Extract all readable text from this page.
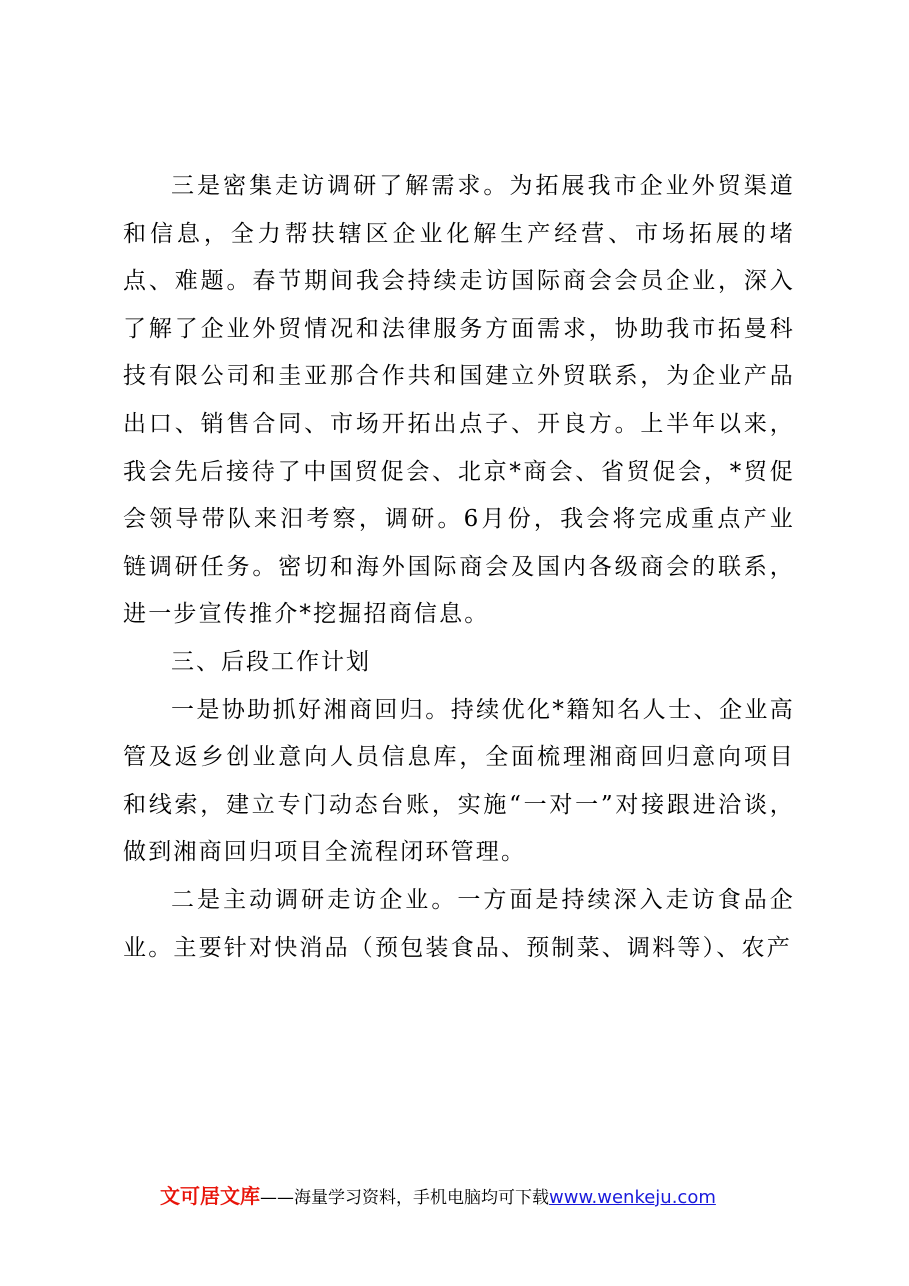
三是密集走访调研了解需求。为拓展我市企业外贸渠道和信息，全力帮扶辖区企业化解生产经营、市场拓展的堵点、难题。春节期间我会持续走访国际商会会员企业，深入了解了企业外贸情况和法律服务方面需求，协助我市拓曼科技有限公司和圭亚那合作共和国建立外贸联系，为企业产品出口、销售合同、市场开拓出点子、开良方。上半年以来，我会先后接待了中国贸促会、北京*商会、省贸促会，*贸促会领导带队来汨考察，调研。6月份，我会将完成重点产业链调研任务。密切和海外国际商会及国内各级商会的联系，进一步宣传推介*挖掘招商信息。

三、后段工作计划

一是协助抓好湘商回归。持续优化*籍知名人士、企业高管及返乡创业意向人员信息库，全面梳理湘商回归意向项目和线索，建立专门动态台账，实施“一对一”对接跟进洽谈，做到湘商回归项目全流程闭环管理。

二是主动调研走访企业。一方面是持续深入走访食品企业。主要针对快消品（预包装食品、预制菜、调料等）、农产

文可居文库——海量学习资料，手机电脑均可下载www.wenkeju.com
